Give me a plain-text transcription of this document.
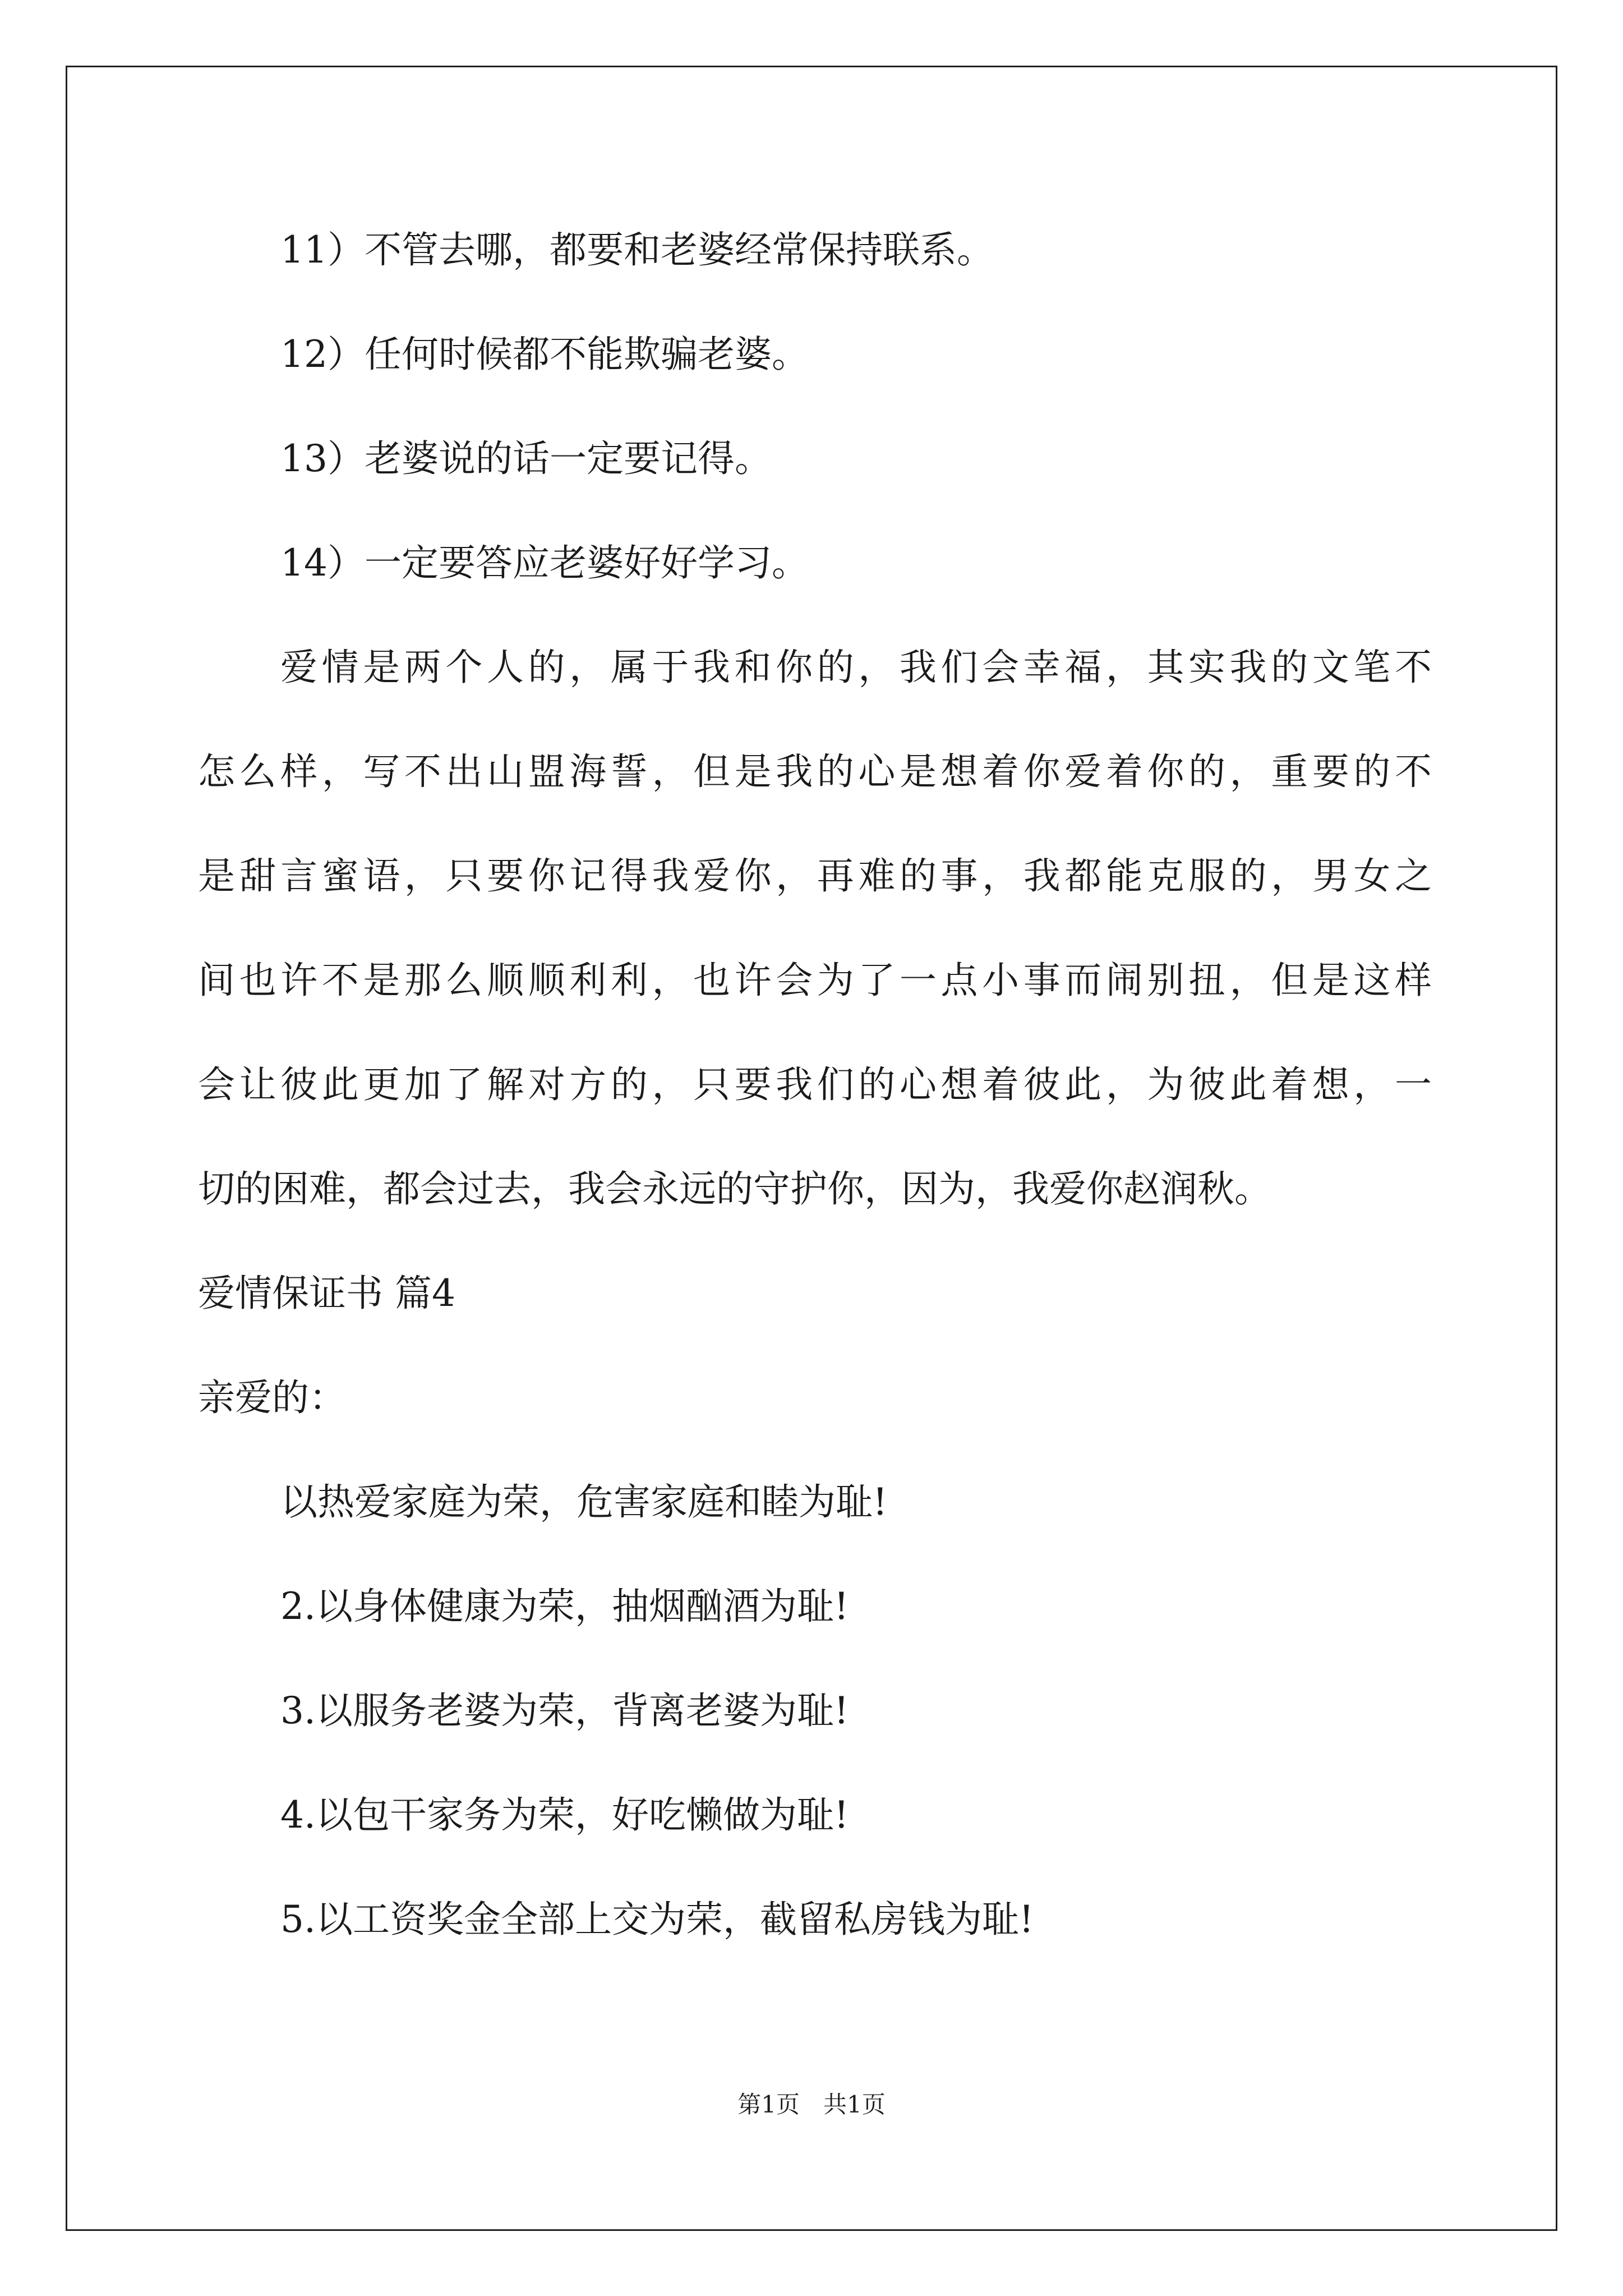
11）不管去哪，都要和老婆经常保持联系。

12）任何时候都不能欺骗老婆。

13）老婆说的话一定要记得。

14）一定要答应老婆好好学习。

爱情是两个人的，属于我和你的，我们会幸福，其实我的文笔不

怎么样，写不出山盟海誓，但是我的心是想着你爱着你的，重要的不

是甜言蜜语，只要你记得我爱你，再难的事，我都能克服的，男女之

间也许不是那么顺顺利利，也许会为了一点小事而闹别扭，但是这样

会让彼此更加了解对方的，只要我们的心想着彼此，为彼此着想，一

切的困难，都会过去，我会永远的守护你，因为，我爱你赵润秋。

爱情保证书 篇4

亲爱的：

以热爱家庭为荣，危害家庭和睦为耻!

2.以身体健康为荣，抽烟酗酒为耻!

3.以服务老婆为荣，背离老婆为耻!

4.以包干家务为荣，好吃懒做为耻!

5.以工资奖金全部上交为荣，截留私房钱为耻!

第1页　共1页
